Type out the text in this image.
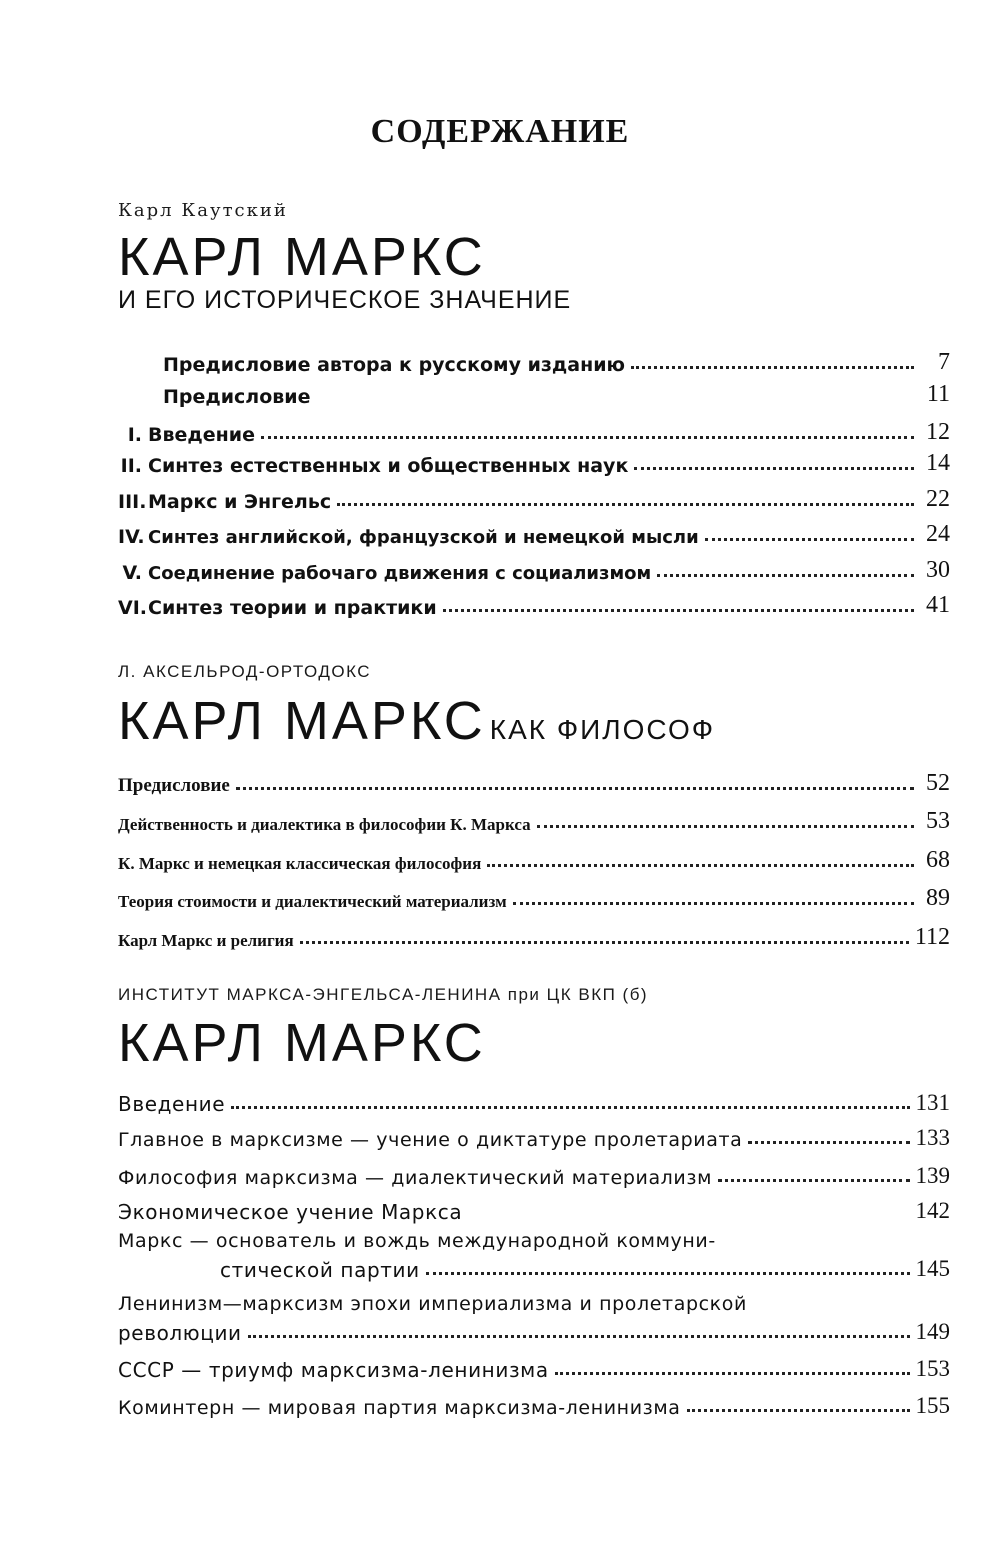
СОДЕРЖАНИЕ
Карл Каутский
КАРЛ МАРКС
И ЕГО ИСТОРИЧЕСКОЕ ЗНАЧЕНИЕ
Предисловие автора к русскому изданию	7
Предисловие	11
I. Введение	12
II. Синтез естественных и общественных наук	14
III. Маркс и Энгельс	22
IV. Синтез английской, французской и немецкой мысли	24
V. Соединение рабочаго движения с социализмом	30
VI. Синтез теории и практики	41
Л. АКСЕЛЬРОД-ОРТОДОКС
КАРЛ МАРКС КАК ФИЛОСОФ
Предисловие	52
Действенность и диалектика в философии К. Маркса	53
К. Маркс и немецкая классическая философия	68
Теория стоимости и диалектический материализм	89
Карл Маркс и религия	112
ИНСТИТУТ МАРКСА-ЭНГЕЛЬСА-ЛЕНИНА при ЦК ВКП (б)
КАРЛ МАРКС
Введение	131
Главное в марксизме — учение о диктатуре пролетариата	133
Философия марксизма — диалектический материализм	139
Экономическое учение Маркса	142
Маркс — основатель и вождь международной коммуни-
стической партии	145
Ленинизм—марксизм эпохи империализма и пролетарской
революции	149
СССР — триумф марксизма-ленинизма	153
Коминтерн — мировая партия марксизма-ленинизма	155
